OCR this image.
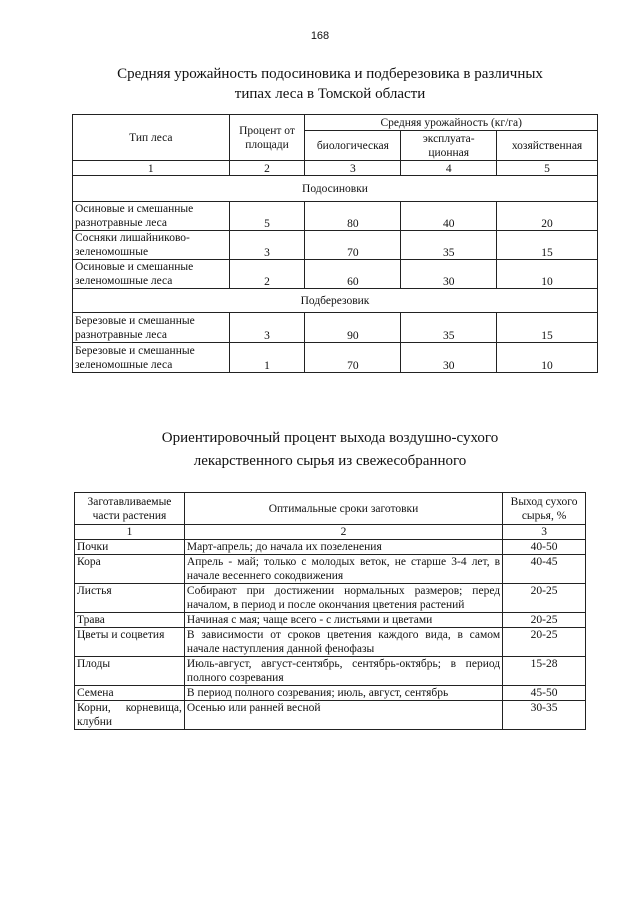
168
Средняя урожайность подосиновика и подберезовика в различных
типах леса в Томской области
Тип леса	Процент от площади	Средняя урожайность (кг/га)		
		биологическая	эксплуата-ционная	хозяйственная
1	2	3	4	5
Подосиновки				
Осиновые и смешанные разнотравные леса	5	80	40	20
Сосняки лишайниково-зеленомошные	3	70	35	15
Осиновые и смешанные зеленомошные леса	2	60	30	10
Подберезовик				
Березовые и смешанные разнотравные леса	3	90	35	15
Березовые и смешанные зеленомошные леса	1	70	30	10
Ориентировочный процент выхода воздушно-сухого
лекарственного сырья из свежесобранного
Заготавливаемые части растения	Оптимальные сроки заготовки	Выход сухого сырья, %
1	2	3
Почки	Март-апрель; до начала их позеленения	40-50
Кора	Апрель - май; только с молодых веток, не старше 3-4 лет, в начале весеннего сокодвижения	40-45
Листья	Собирают при достижении нормальных размеров; перед началом, в период и после окончания цветения растений	20-25
Трава	Начиная с мая; чаще всего - с листьями и цветами	20-25
Цветы и соцветия	В зависимости от сроков цветения каждого вида, в самом начале наступления данной фенофазы	20-25
Плоды	Июль-август, август-сентябрь, сентябрь-октябрь; в период полного созревания	15-28
Семена	В период полного созревания; июль, август, сентябрь	45-50
Корни, корневища, клубни	Осенью или ранней весной	30-35
